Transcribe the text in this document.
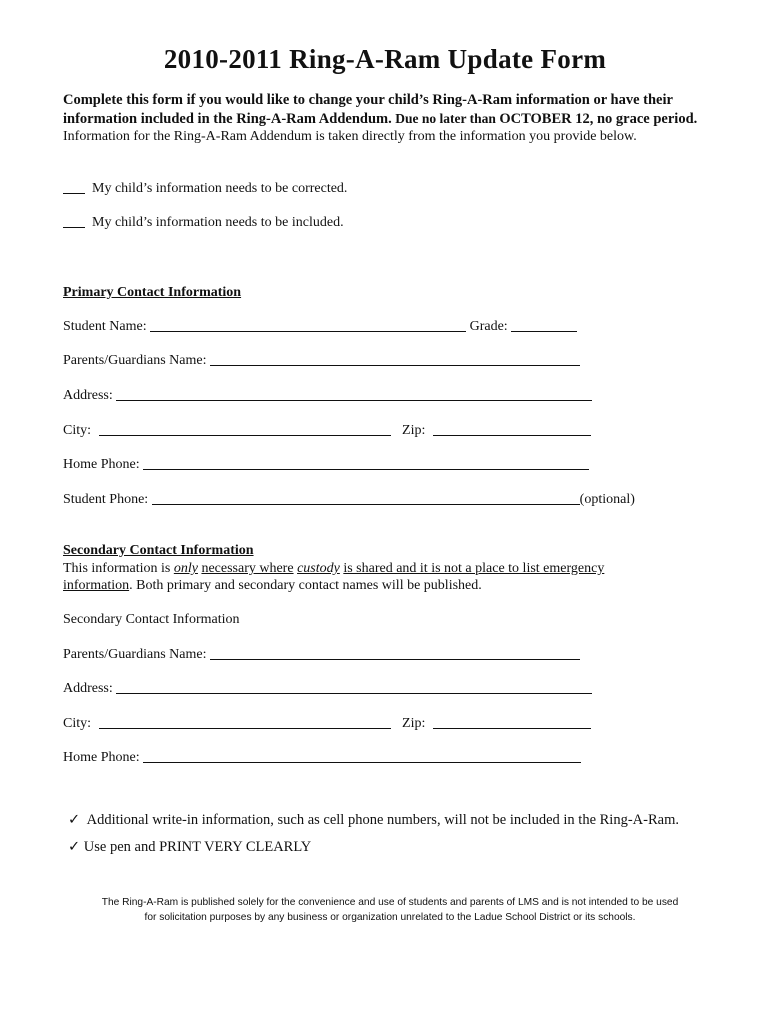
2010-2011 Ring-A-Ram Update Form
Complete this form if you would like to change your child’s Ring-A-Ram information or have their information included in the Ring-A-Ram Addendum. Due no later than OCTOBER 12, no grace period. Information for the Ring-A-Ram Addendum is taken directly from the information you provide below.
My child’s information needs to be corrected.
My child’s information needs to be included.
Primary Contact Information
Student Name:	Grade:
Parents/Guardians Name:
Address:
City:	Zip:
Home Phone:
Student Phone:	(optional)
Secondary Contact Information
This information is only necessary where custody is shared and it is not a place to list emergency
information. Both primary and secondary contact names will be published.
Secondary Contact Information
Parents/Guardians Name:
Address:
City:	Zip:
Home Phone:
✓ Additional write-in information, such as cell phone numbers, will not be included in the Ring-A-Ram.
✓ Use pen and PRINT VERY CLEARLY
The Ring-A-Ram is published solely for the convenience and use of students and parents of LMS and is not intended to be used
for solicitation purposes by any business or organization unrelated to the Ladue School District or its schools.
